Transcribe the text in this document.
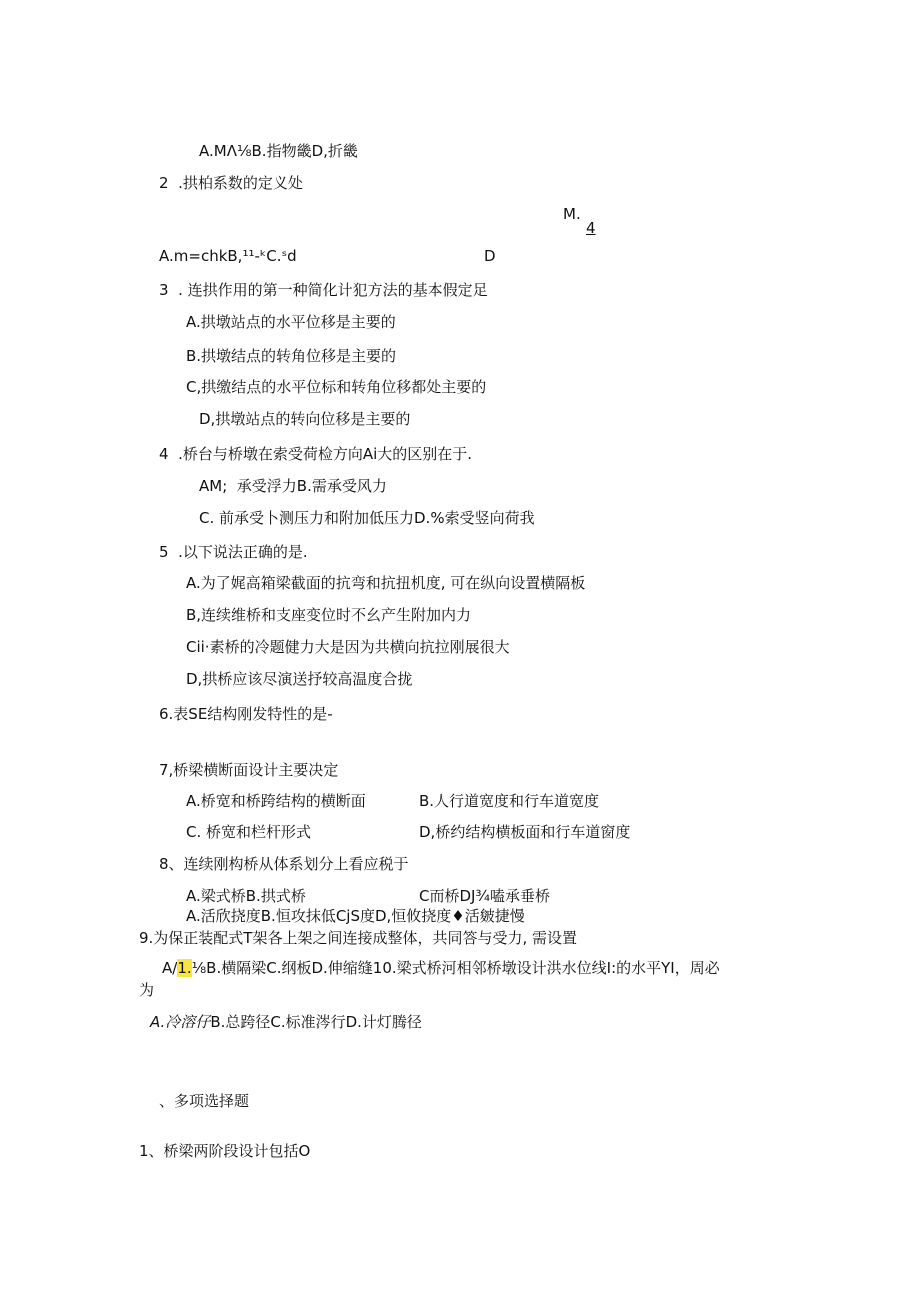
A.MΛ⅛B.指物畿D,折畿
2  .拱柏系数的定义处
M.
4
A.m=chkB,¹¹-ᵏC.ˢd	D
3  . 连拱作用的第一种简化计犯方法的基本假定足
A.拱墩站点的水平位移是主要的
B.拱墩结点的转角位移是主要的
C,拱缴结点的水平位标和转角位移都处主要的
D,拱墩站点的转向位移是主要的
4  .桥台与桥墩在索受荷检方向Ai大的区别在于.
AM;  承受浮力B.需承受风力
C. 前承受卜测压力和附加低压力D.%索受竖向荷我
5  .以下说法正确的是.
A.为了娓高箱梁截面的抗弯和抗扭机度, 可在纵向设置横隔板
B,连续维桥和支座变位时不幺产生附加内力
Cii·素桥的冷题健力大是因为共横向抗拉刚展很大
D,拱桥应该尽演送抒较高温度合拢
6.表SE结构刚发特性的是-
7,桥梁横断面设计主要决定
A.桥宽和桥跨结构的横断面	B.人行道宽度和行车道宽度
C. 桥宽和栏杆形式	D,桥约结构横板面和行车道窗度
8、连续刚构桥从体系划分上看应税于
A.梁式桥B.拱式桥	C而桥DJ¾嗑承垂桥
A.活欣挠度B.恒攻抹低CjS度D,恒攸挠度♦活皴捷慢
9.为保正装配式T架各上架之间连接成整体，共同答与受力, 需设置
A/1.⅛B.横隔梁C.纲板D.伸缩缝10.梁式桥河相邻桥墩设计洪水位线I:的水平YI，周必
为
A.冷溶仔B.总跨径C.标准涔行D.计灯腾径
、多项选择题
1、桥梁两阶段设计包括O
